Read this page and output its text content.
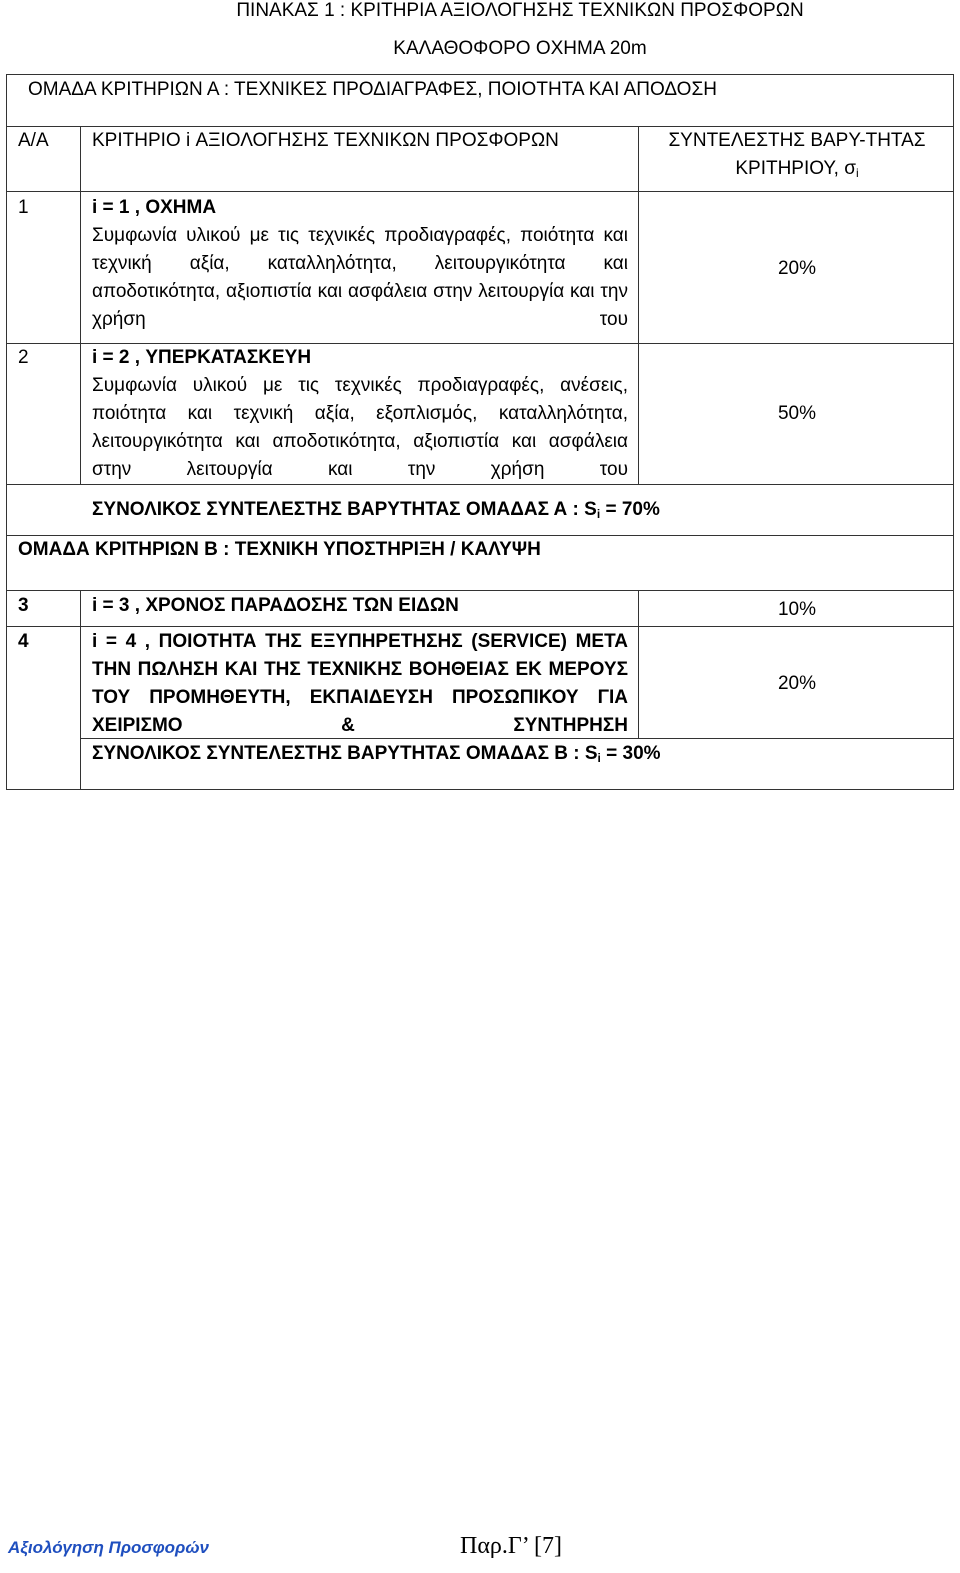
ΠΙΝΑΚΑΣ 1 : ΚΡΙΤΗΡΙΑ ΑΞΙΟΛΟΓΗΣΗΣ ΤΕΧΝΙΚΩΝ ΠΡΟΣΦΟΡΩΝ
ΚΑΛΑΘΟΦΟΡΟ ΟΧΗΜΑ 20m
ΟΜΑΔΑ ΚΡΙΤΗΡΙΩΝ Α : ΤΕΧΝΙΚΕΣ ΠΡΟΔΙΑΓΡΑΦΕΣ, ΠΟΙΟΤΗΤΑ ΚΑΙ ΑΠΟΔΟΣΗ
Α/Α ΚΡΙΤΗΡΙΟ i ΑΞΙΟΛΟΓΗΣΗΣ ΤΕΧΝΙΚΩΝ ΠΡΟΣΦΟΡΩΝ	ΣΥΝΤΕΛΕΣΤΗΣ ΒΑΡΥ-ΤΗΤΑΣ
ΚΡΙΤΗΡΙΟΥ, $\sigma_i$
1	i = 1 , ΟΧΗΜΑ
Συμφωνία υλικού με τις τεχνικές προδιαγραφές, ποιότητα και τεχνική αξία, καταλληλότητα, λειτουργικότητα και αποδοτικότητα, αξιοπιστία και ασφάλεια στην λειτουργία και την χρήση του
20%
2	i = 2 , ΥΠΕΡΚΑΤΑΣΚΕΥΗ
Συμφωνία υλικού με τις τεχνικές προδιαγραφές, ανέσεις, ποιότητα και τεχνική αξία, εξοπλισμός, καταλληλότητα, λειτουργικότητα και αποδοτικότητα, αξιοπιστία και ασφάλεια στην λειτουργία και την χρήση του
50%
ΣΥΝΟΛΙΚΟΣ ΣΥΝΤΕΛΕΣΤΗΣ ΒΑΡΥΤΗΤΑΣ ΟΜΑΔΑΣ Α : $S_i = 70\%$
ΟΜΑΔΑ ΚΡΙΤΗΡΙΩΝ Β : ΤΕΧΝΙΚΗ ΥΠΟΣΤΗΡΙΞΗ / ΚΑΛΥΨΗ
3	i = 3 , ΧΡΟΝΟΣ ΠΑΡΑΔΟΣΗΣ ΤΩΝ ΕΙΔΩΝ	10%
4	i = 4 , ΠΟΙΟΤΗΤΑ ΤΗΣ ΕΞΥΠΗΡΕΤΗΣΗΣ (SERVICE) ΜΕΤΑ ΤΗΝ ΠΩΛΗΣΗ ΚΑΙ ΤΗΣ ΤΕΧΝΙΚΗΣ ΒΟΗΘΕΙΑΣ ΕΚ ΜΕΡΟΥΣ ΤΟΥ ΠΡΟΜΗΘΕΥΤΗ, ΕΚΠΑΙΔΕΥΣΗ ΠΡΟΣΩΠΙΚΟΥ ΓΙΑ ΧΕΙΡΙΣΜΟ & ΣΥΝΤΗΡΗΣΗ
20%
ΣΥΝΟΛΙΚΟΣ ΣΥΝΤΕΛΕΣΤΗΣ ΒΑΡΥΤΗΤΑΣ ΟΜΑΔΑΣ Β : $S_i = 30\%$
Αξιολόγηση Προσφορών	Παρ.Γ’ [7]
